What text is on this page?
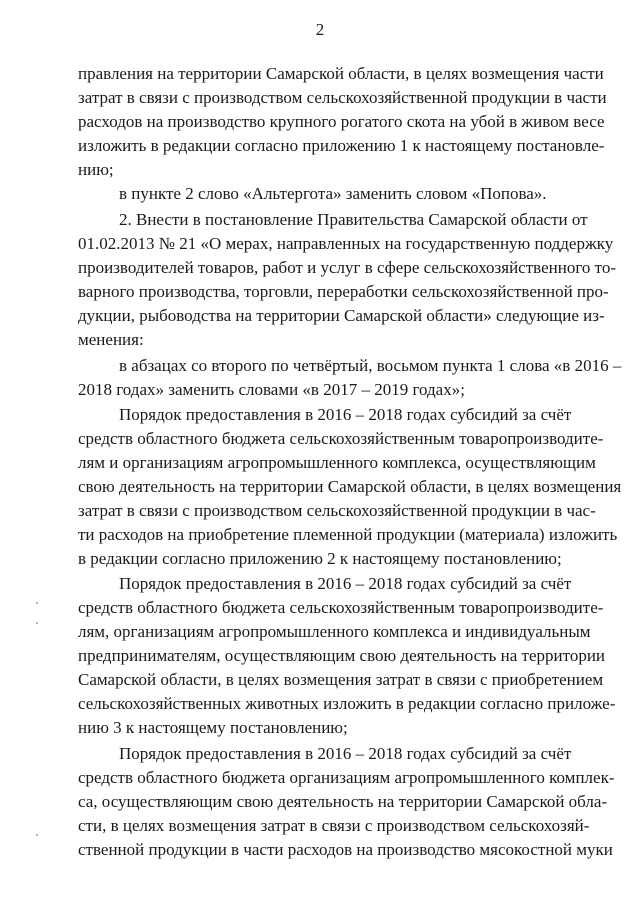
2
правления на территории Самарской области, в целях возмещения части
затрат в связи с производством сельскохозяйственной продукции в части
расходов на производство крупного рогатого скота на убой в живом весе
изложить в редакции согласно приложению 1 к настоящему постановле-
нию;
в пункте 2 слово «Альтергота» заменить словом «Попова».
2. Внести в постановление Правительства Самарской области от
01.02.2013 № 21 «О мерах, направленных на государственную поддержку
производителей товаров, работ и услуг в сфере сельскохозяйственного то-
варного производства, торговли, переработки сельскохозяйственной про-
дукции, рыбоводства на территории Самарской области» следующие из-
менения:
в абзацах со второго по четвёртый, восьмом пункта 1 слова «в 2016 –
2018 годах» заменить словами «в 2017 – 2019 годах»;
Порядок предоставления в 2016 – 2018 годах субсидий за счёт
средств областного бюджета сельскохозяйственным товаропроизводите-
лям и организациям агропромышленного комплекса, осуществляющим
свою деятельность на территории Самарской области, в целях возмещения
затрат в связи с производством сельскохозяйственной продукции в час-
ти расходов на приобретение племенной продукции (материала) изложить
в редакции согласно приложению 2 к настоящему постановлению;
Порядок предоставления в 2016 – 2018 годах субсидий за счёт
средств областного бюджета сельскохозяйственным товаропроизводите-
лям, организациям агропромышленного комплекса и индивидуальным
предпринимателям, осуществляющим свою деятельность на территории
Самарской области, в целях возмещения затрат в связи с приобретением
сельскохозяйственных животных изложить в редакции согласно приложе-
нию 3 к настоящему постановлению;
Порядок предоставления в 2016 – 2018 годах субсидий за счёт
средств областного бюджета организациям агропромышленного комплек-
са, осуществляющим свою деятельность на территории Самарской обла-
сти, в целях возмещения затрат в связи с производством сельскохозяй-
ственной продукции в части расходов на производство мясокостной муки
